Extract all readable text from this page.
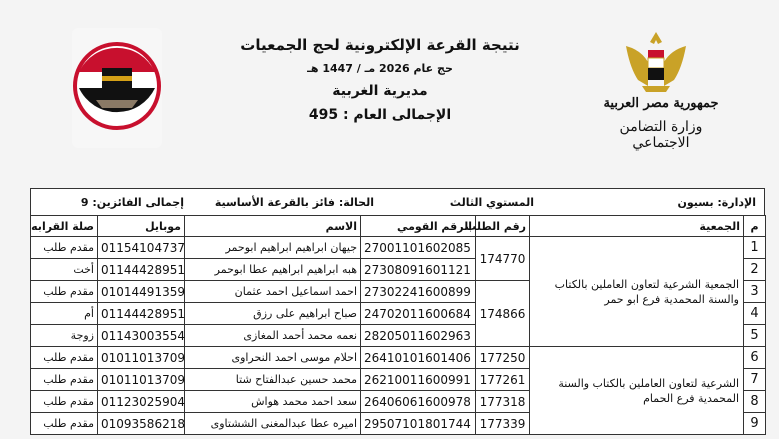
جمهورية مصر العربية
وزارة التضامن الاجتماعي
نتيجة القرعة الإلكترونية لحج الجمعيات
حج عام 2026 مـ / 1447 هـ
مديرية الغربية
الإجمالى العام : 495
الإدارة: بسيون
المستوي الثالث
الحالة: فائز بالقرعة الأساسية
إجمالى الفائزين: 9
م	الجمعية	رقم الطلب	الرقم القومي	الاسم	موبايل	صلة القرابه
1	الجمعية الشرعية لتعاون العاملين بالكتاب والسنة المحمدية فرع ابو حمر	174770	27001101602085	جيهان ابراهيم ابراهيم ابوحمر	01154104737	مقدم طلب
2			27308091601121	هبه ابراهيم ابراهيم عطا ابوحمر	01144428951	أخت
3		174866	27302241600899	احمد اسماعيل احمد عثمان	01014491359	مقدم طلب
4			24702011600684	صباح ابراهيم على رزق	01144428951	أم
5			28205011602963	نعمه محمد أحمد المغازى	01143003554	زوجة
6	الشرعية لتعاون العاملين بالكتاب والسنة المحمدية فرع الحمام	177250	26410101601406	احلام موسى احمد النحراوى	01011013709	مقدم طلب
7		177261	26210011600991	محمد حسين عبدالفتاح شتا	01011013709	مقدم طلب
8		177318	26406061600978	سعد احمد محمد هواش	01123025904	مقدم طلب
9		177339	29507101801744	اميره عطا عبدالمغنى الششتاوى	01093586218	مقدم طلب
